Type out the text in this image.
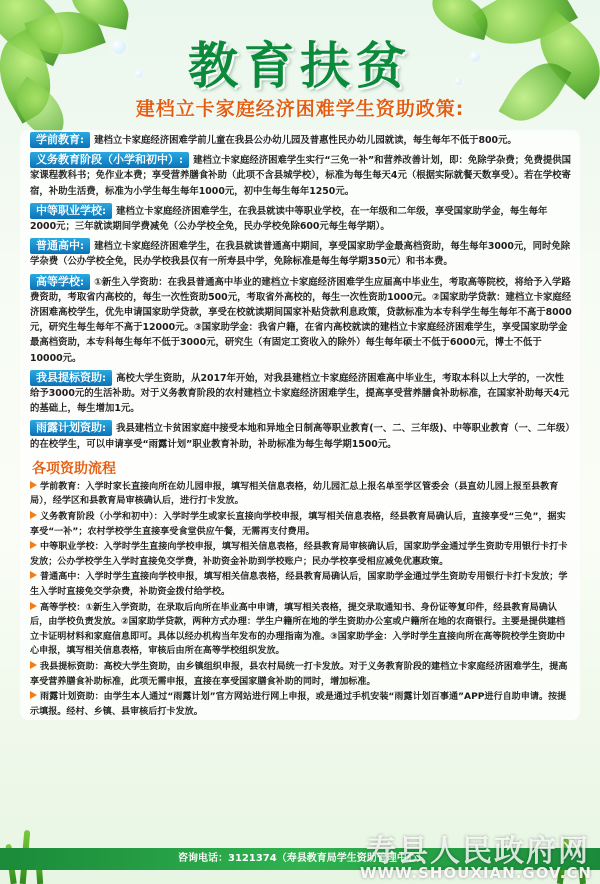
教育扶贫
建档立卡家庭经济困难学生资助政策:
学前教育: 建档立卡家庭经济困难学前儿童在我县公办幼儿园及普惠性民办幼儿园就读，每生每年不低于800元。
义务教育阶段（小学和初中）: 建档立卡家庭经济困难学生实行“三免一补”和营养改善计划，即：免除学杂费；免费提供国家课程教科书；免作业本费；享受营养膳食补助（此项不含县城学校），标准为每生每天4元（根据实际就餐天数享受）。若在学校寄宿，补助生活费，标准为小学生每生每年1000元，初中生每生每年1250元。
中等职业学校: 建档立卡家庭经济困难学生，在我县就读中等职业学校，在一年级和二年级，享受国家助学金，每生每年2000元；三年就读期间学费减免（公办学校全免，民办学校免除600元每生每学期）。
普通高中: 建档立卡家庭经济困难学生，在我县就读普通高中期间，享受国家助学金最高档资助，每生每年3000元，同时免除学杂费（公办学校全免，民办学校我县仅有一所寿县中学，免除标准是每生每学期350元）和书本费。
高等学校: ①新生入学资助：在我县普通高中毕业的建档立卡家庭经济困难学生应届高中毕业生，考取高等院校，将给予入学路费资助，考取省内高校的，每生一次性资助500元，考取省外高校的，每生一次性资助1000元。②国家助学贷款：建档立卡家庭经济困难高校学生，优先申请国家助学贷款，享受在校就读期间国家补贴贷款利息政策，贷款标准为本专科学生每生每年不高于8000元，研究生每生每年不高于12000元。③国家助学金：我省户籍，在省内高校就读的建档立卡家庭经济困难学生，享受国家助学金最高档资助，本专科每生每年不低于3000元，研究生（有固定工资收入的除外）每生每年硕士不低于6000元，博士不低于10000元。
我县提标资助: 高校大学生资助，从2017年开始，对我县建档立卡家庭经济困难高中毕业生，考取本科以上大学的，一次性给予3000元的生活补助。对于义务教育阶段的农村建档立卡家庭经济困难学生，提高享受营养膳食补助标准，在国家补助每天4元的基础上，每生增加1元。
雨露计划资助: 我县建档立卡贫困家庭中接受本地和异地全日制高等职业教育(一、二、三年级)、中等职业教育（一、二年级）的在校学生，可以申请享受“雨露计划”职业教育补助，补助标准为每生每学期1500元。
各项资助流程
学前教育：入学时家长直接向所在幼儿园申报，填写相关信息表格，幼儿园汇总上报名单至学区管委会（县直幼儿园上报至县教育局），经学区和县教育局审核确认后，进行打卡发放。
义务教育阶段（小学和初中）：入学时学生或家长直接向学校申报，填写相关信息表格，经县教育局确认后，直接享受“三免”，据实享受“一补”；农村学校学生直接享受食堂供应午餐，无需再支付费用。
中等职业学校：入学时学生直接向学校申报，填写相关信息表格，经县教育局审核确认后，国家助学金通过学生资助专用银行卡打卡发放；公办学校学生入学时直接免交学费，补助资金补助到学校账户；民办学校享受相应减免优惠政策。
普通高中：入学时学生直接向学校申报，填写相关信息表格，经县教育局确认后，国家助学金通过学生资助专用银行卡打卡发放；学生入学时直接免交学杂费，补助资金拨付给学校。
高等学校：①新生入学资助，在录取后向所在毕业高中申请，填写相关表格，提交录取通知书、身份证等复印件，经县教育局确认后，由学校负责发放。②国家助学贷款，两种方式办理：学生户籍所在地的学生资助办公室或户籍所在地的农商银行。主要是提供建档立卡证明材料和家庭信息即可。具体以经办机构当年发布的办理指南为准。③国家助学金：入学时学生直接向所在高等院校学生资助中心申报，填写相关信息表格，审核后由所在高等学校组织发放。
我县提标资助：高校大学生资助，由乡镇组织申报，县农村局统一打卡发放。对于义务教育阶段的建档立卡家庭经济困难学生，提高享受营养膳食补助标准，此项无需申报，直接在享受国家膳食补助的同时，增加标准。
雨露计划资助：由学生本人通过“雨露计划”官方网站进行网上申报，或是通过手机安装“雨露计划百事通”APP进行自助申请。按提示填报。经村、乡镇、县审核后打卡发放。
咨询电话：3121374（寿县教育局学生资助管理中心）
寿县人民政府网
WWW.SHOUXIAN.GOV.CN
